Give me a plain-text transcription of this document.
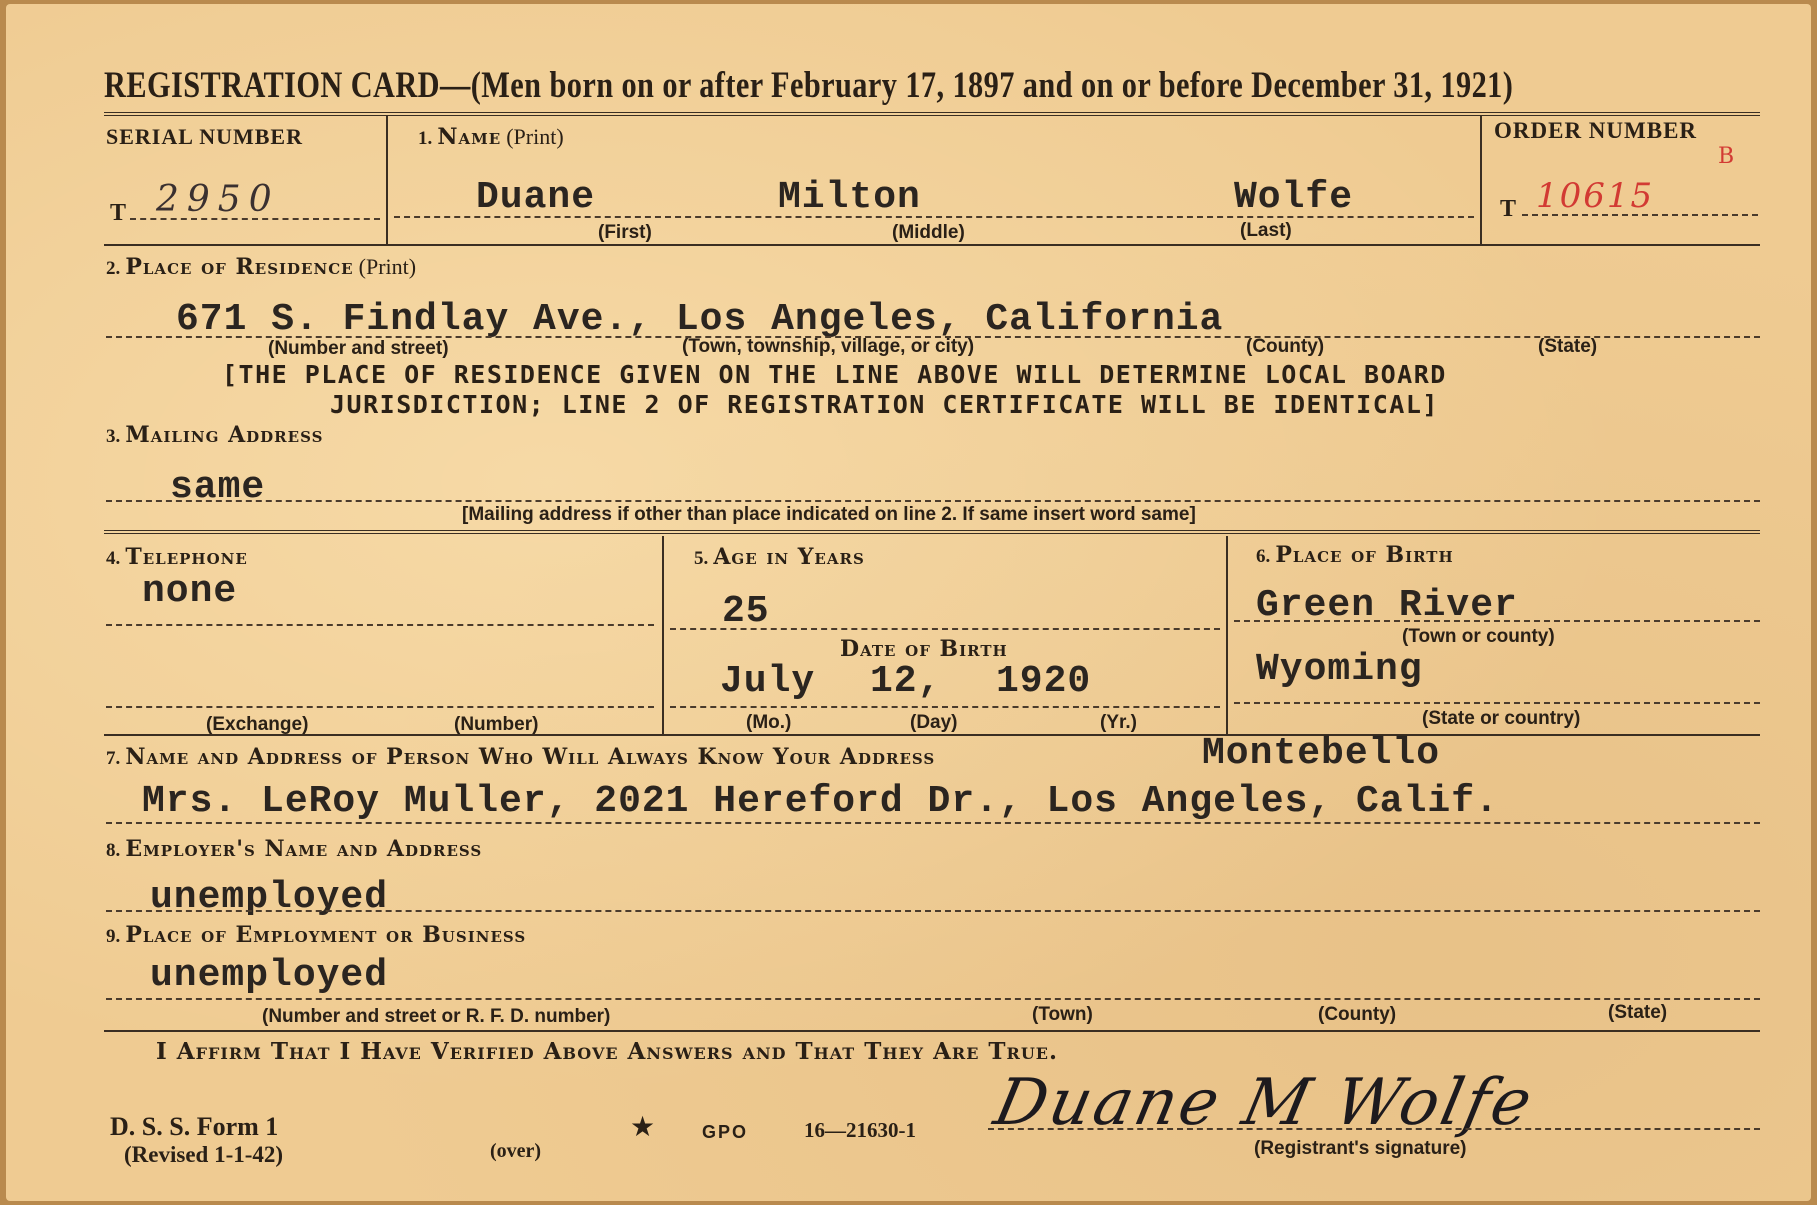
REGISTRATION CARD—(Men born on or after February 17, 1897 and on or before December 31, 1921)
SERIAL NUMBER
T 2950
1. Name (Print)
Duane	Milton	Wolfe
(First)	(Middle)	(Last)
ORDER NUMBER
B
T 10615
2. Place of Residence (Print)
671 S. Findlay Ave., Los Angeles, California
(Number and street)	(Town, township, village, or city)	(County)	(State)
[THE PLACE OF RESIDENCE GIVEN ON THE LINE ABOVE WILL DETERMINE LOCAL BOARD
JURISDICTION; LINE 2 OF REGISTRATION CERTIFICATE WILL BE IDENTICAL]
3. Mailing Address
same
[Mailing address if other than place indicated on line 2. If same insert word same]
4. Telephone
none
(Exchange)	(Number)
5. Age in Years
25
Date of Birth
July 12, 1920
(Mo.)	(Day)	(Yr.)
6. Place of Birth
Green River
(Town or county)
Wyoming
(State or country)
7. Name and Address of Person Who Will Always Know Your Address	Montebello
Mrs. LeRoy Muller, 2021 Hereford Dr., Los Angeles, Calif.
8. Employer's Name and Address
unemployed
9. Place of Employment or Business
unemployed
(Number and street or R. F. D. number)	(Town)	(County)	(State)
I Affirm That I Have Verified Above Answers and That They Are True.
D. S. S. Form 1
(Revised 1-1-42)	(over)
★	GPO	16—21630-1 Duane M Wolfe
(Registrant's signature)
